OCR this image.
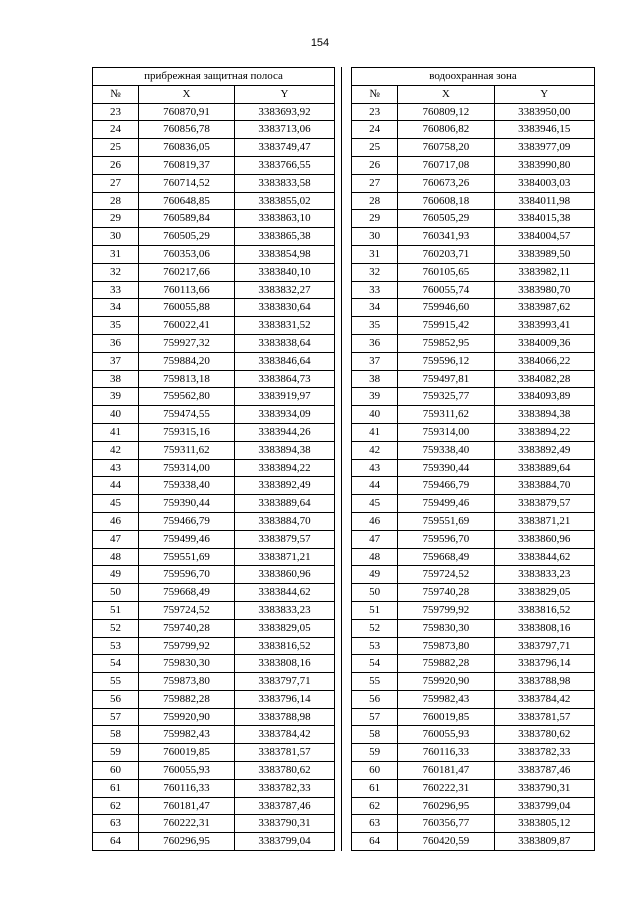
154
прибрежная защитная полоса		
№	X	Y
23	760870,91	3383693,92
24	760856,78	3383713,06
25	760836,05	3383749,47
26	760819,37	3383766,55
27	760714,52	3383833,58
28	760648,85	3383855,02
29	760589,84	3383863,10
30	760505,29	3383865,38
31	760353,06	3383854,98
32	760217,66	3383840,10
33	760113,66	3383832,27
34	760055,88	3383830,64
35	760022,41	3383831,52
36	759927,32	3383838,64
37	759884,20	3383846,64
38	759813,18	3383864,73
39	759562,80	3383919,97
40	759474,55	3383934,09
41	759315,16	3383944,26
42	759311,62	3383894,38
43	759314,00	3383894,22
44	759338,40	3383892,49
45	759390,44	3383889,64
46	759466,79	3383884,70
47	759499,46	3383879,57
48	759551,69	3383871,21
49	759596,70	3383860,96
50	759668,49	3383844,62
51	759724,52	3383833,23
52	759740,28	3383829,05
53	759799,92	3383816,52
54	759830,30	3383808,16
55	759873,80	3383797,71
56	759882,28	3383796,14
57	759920,90	3383788,98
58	759982,43	3383784,42
59	760019,85	3383781,57
60	760055,93	3383780,62
61	760116,33	3383782,33
62	760181,47	3383787,46
63	760222,31	3383790,31
64	760296,95	3383799,04
водоохранная зона		
№	X	Y
23	760809,12	3383950,00
24	760806,82	3383946,15
25	760758,20	3383977,09
26	760717,08	3383990,80
27	760673,26	3384003,03
28	760608,18	3384011,98
29	760505,29	3384015,38
30	760341,93	3384004,57
31	760203,71	3383989,50
32	760105,65	3383982,11
33	760055,74	3383980,70
34	759946,60	3383987,62
35	759915,42	3383993,41
36	759852,95	3384009,36
37	759596,12	3384066,22
38	759497,81	3384082,28
39	759325,77	3384093,89
40	759311,62	3383894,38
41	759314,00	3383894,22
42	759338,40	3383892,49
43	759390,44	3383889,64
44	759466,79	3383884,70
45	759499,46	3383879,57
46	759551,69	3383871,21
47	759596,70	3383860,96
48	759668,49	3383844,62
49	759724,52	3383833,23
50	759740,28	3383829,05
51	759799,92	3383816,52
52	759830,30	3383808,16
53	759873,80	3383797,71
54	759882,28	3383796,14
55	759920,90	3383788,98
56	759982,43	3383784,42
57	760019,85	3383781,57
58	760055,93	3383780,62
59	760116,33	3383782,33
60	760181,47	3383787,46
61	760222,31	3383790,31
62	760296,95	3383799,04
63	760356,77	3383805,12
64	760420,59	3383809,87
